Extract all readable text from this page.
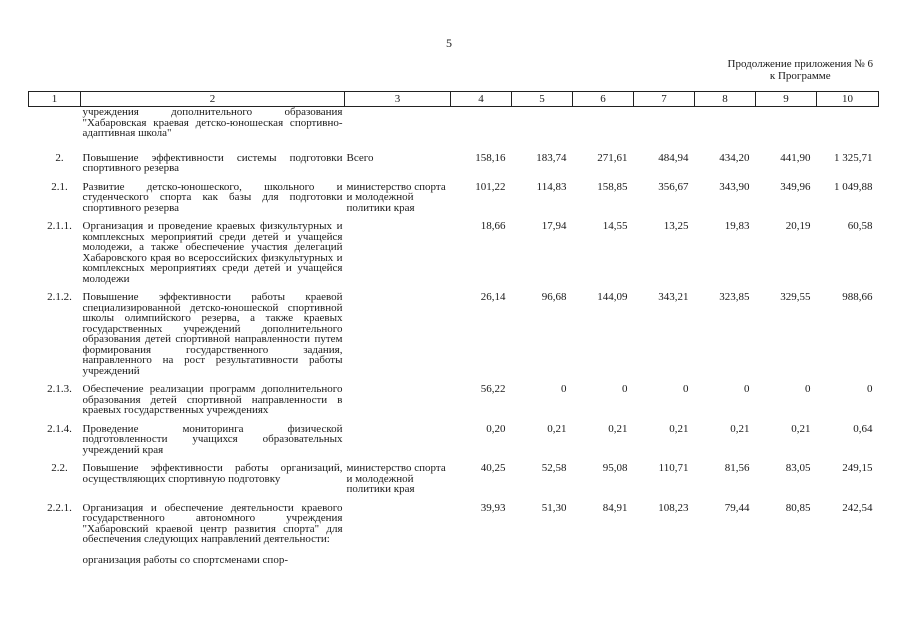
5
Продолжение приложения № 6
к Программе
1	2	3	4	5	6	7	8	9	10
	учреждения дополнительного образования "Хабаровская краевая детско-юношеская спортивно-адаптивная школа"								
2.	Повышение эффективности системы подготовки спортивного резерва	Всего	158,16	183,74	271,61	484,94	434,20	441,90	1 325,71
2.1.	Развитие детско-юношеского, школьного и студенческого спорта как базы для подготовки спортивного резерва	министерство спорта и молодежной политики края	101,22	114,83	158,85	356,67	343,90	349,96	1 049,88
2.1.1.	Организация и проведение краевых физкультурных и комплексных мероприятий среди детей и учащейся молодежи, а также обеспечение участия делегаций Хабаровского края во всероссийских физкультурных и комплексных мероприятиях среди детей и учащейся молодежи		18,66	17,94	14,55	13,25	19,83	20,19	60,58
2.1.2.	Повышение эффективности работы краевой специализированной детско-юношеской спортивной школы олимпийского резерва, а также краевых государственных учреждений дополнительного образования детей спортивной направленности путем формирования государственного задания, направленного на рост результативности работы учреждений		26,14	96,68	144,09	343,21	323,85	329,55	988,66
2.1.3.	Обеспечение реализации программ дополнительного образования детей спортивной направленности в краевых государственных учреждениях		56,22	0	0	0	0	0	0
2.1.4.	Проведение мониторинга физической подготовленности учащихся образовательных учреждений края		0,20	0,21	0,21	0,21	0,21	0,21	0,64
2.2.	Повышение эффективности работы организаций, осуществляющих спортивную подготовку	министерство спорта и молодежной политики края	40,25	52,58	95,08	110,71	81,56	83,05	249,15
2.2.1.	Организация и обеспечение деятельности краевого государственного автономного учреждения "Хабаровский краевой центр развития спорта" для обеспечения следующих направлений деятельности:		39,93	51,30	84,91	108,23	79,44	80,85	242,54
	организация работы со спортсменами спор-								
